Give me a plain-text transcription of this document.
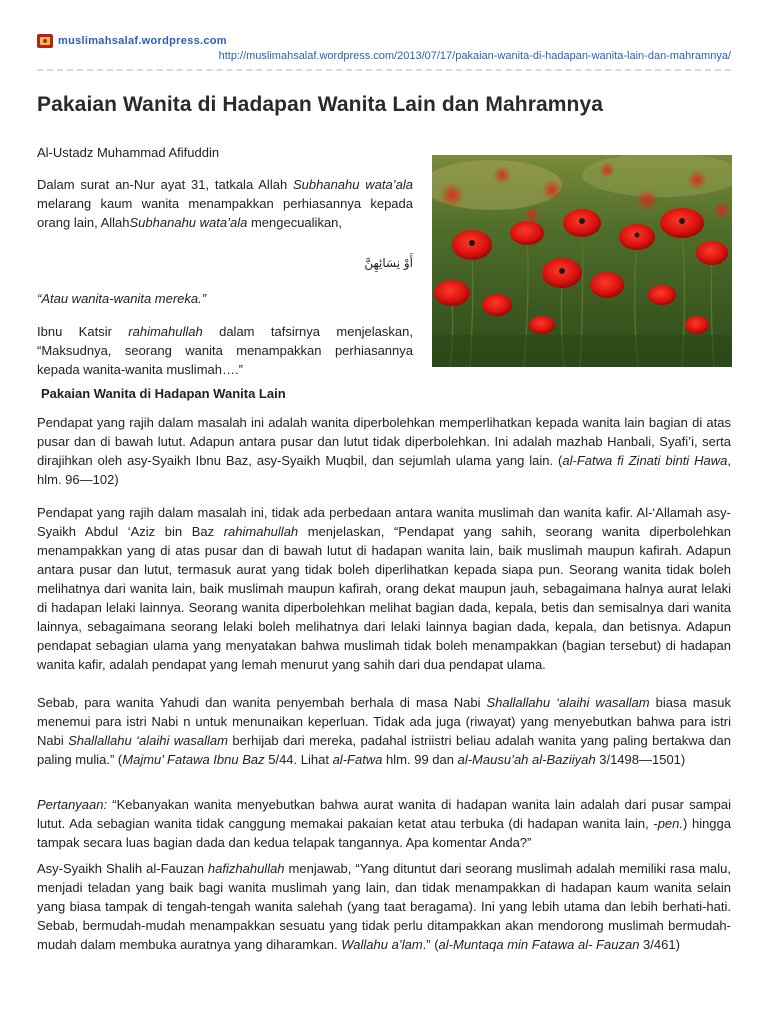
muslimahsalaf.wordpress.com
http://muslimahsalaf.wordpress.com/2013/07/17/pakaian-wanita-di-hadapan-wanita-lain-dan-mahramnya/
Pakaian Wanita di Hadapan Wanita Lain dan Mahramnya
Al-Ustadz Muhammad Afifuddin

Dalam surat an-Nur ayat 31, tatkala Allah Subhanahu wata’ala melarang kaum wanita menampakkan perhiasannya kepada orang lain, AllahSubhanahu wata’ala mengecualikan,

أَوْ نِسَائِهِنَّ

“Atau wanita-wanita mereka.”

Ibnu Katsir rahimahullah dalam tafsirnya menjelaskan, “Maksudnya, seorang wanita menampakkan perhiasannya kepada wanita-wanita muslimah….”

Pakaian Wanita di Hadapan Wanita Lain

Pendapat yang rajih dalam masalah ini adalah wanita diperbolehkan memperlihatkan kepada wanita lain bagian di atas pusar dan di bawah lutut. Adapun antara pusar dan lutut tidak diperbolehkan. Ini adalah mazhab Hanbali, Syafi’i, serta dirajihkan oleh asy-Syaikh Ibnu Baz, asy-Syaikh Muqbil, dan sejumlah ulama yang lain. (al-Fatwa fi Zinati binti Hawa, hlm. 96—102)

Pendapat yang rajih dalam masalah ini, tidak ada perbedaan antara wanita muslimah dan wanita kafir. Al-‘Allamah asy-Syaikh Abdul ‘Aziz bin Baz rahimahullah menjelaskan, “Pendapat yang sahih, seorang wanita diperbolehkan menampakkan yang di atas pusar dan di bawah lutut di hadapan wanita lain, baik muslimah maupun kafirah. Adapun antara pusar dan lutut, termasuk aurat yang tidak boleh diperlihatkan kepada siapa pun. Seorang wanita tidak boleh melihatnya dari wanita lain, baik muslimah maupun kafirah, orang dekat maupun jauh, sebagaimana halnya aurat lelaki di hadapan lelaki lainnya. Seorang wanita diperbolehkan melihat bagian dada, kepala, betis dan semisalnya dari wanita lainnya, sebagaimana seorang lelaki boleh melihatnya dari lelaki lainnya bagian dada, kepala, dan betisnya. Adapun pendapat sebagian ulama yang menyatakan bahwa muslimah tidak boleh menampakkan (bagian tersebut) di hadapan wanita kafir, adalah pendapat yang lemah menurut yang sahih dari dua pendapat ulama.

Sebab, para wanita Yahudi dan wanita penyembah berhala di masa Nabi Shallallahu ‘alaihi wasallam biasa masuk menemui para istri Nabi n untuk menunaikan keperluan. Tidak ada juga (riwayat) yang menyebutkan bahwa para istri Nabi Shallallahu ‘alaihi wasallam berhijab dari mereka, padahal istriistri beliau adalah wanita yang paling bertakwa dan paling mulia.” (Majmu’ Fatawa Ibnu Baz 5/44. Lihat al-Fatwa hlm. 99 dan al-Mausu’ah al-Baziiyah 3/1498—1501)

Pertanyaan: “Kebanyakan wanita menyebutkan bahwa aurat wanita di hadapan wanita lain adalah dari pusar sampai lutut. Ada sebagian wanita tidak canggung memakai pakaian ketat atau terbuka (di hadapan wanita lain, -pen.) hingga tampak secara luas bagian dada dan kedua telapak tangannya. Apa komentar Anda?”

Asy-Syaikh Shalih al-Fauzan hafizhahullah menjawab, “Yang dituntut dari seorang muslimah adalah memiliki rasa malu, menjadi teladan yang baik bagi wanita muslimah yang lain, dan tidak menampakkan di hadapan kaum wanita selain yang biasa tampak di tengah-tengah wanita salehah (yang taat beragama). Ini yang lebih utama dan lebih berhati-hati. Sebab, bermudah-mudah menampakkan sesuatu yang tidak perlu ditampakkan akan mendorong muslimah bermudah-mudah dalam membuka auratnya yang diharamkan. Wallahu a’lam.” (al-Muntaqa min Fatawa al- Fauzan 3/461)
